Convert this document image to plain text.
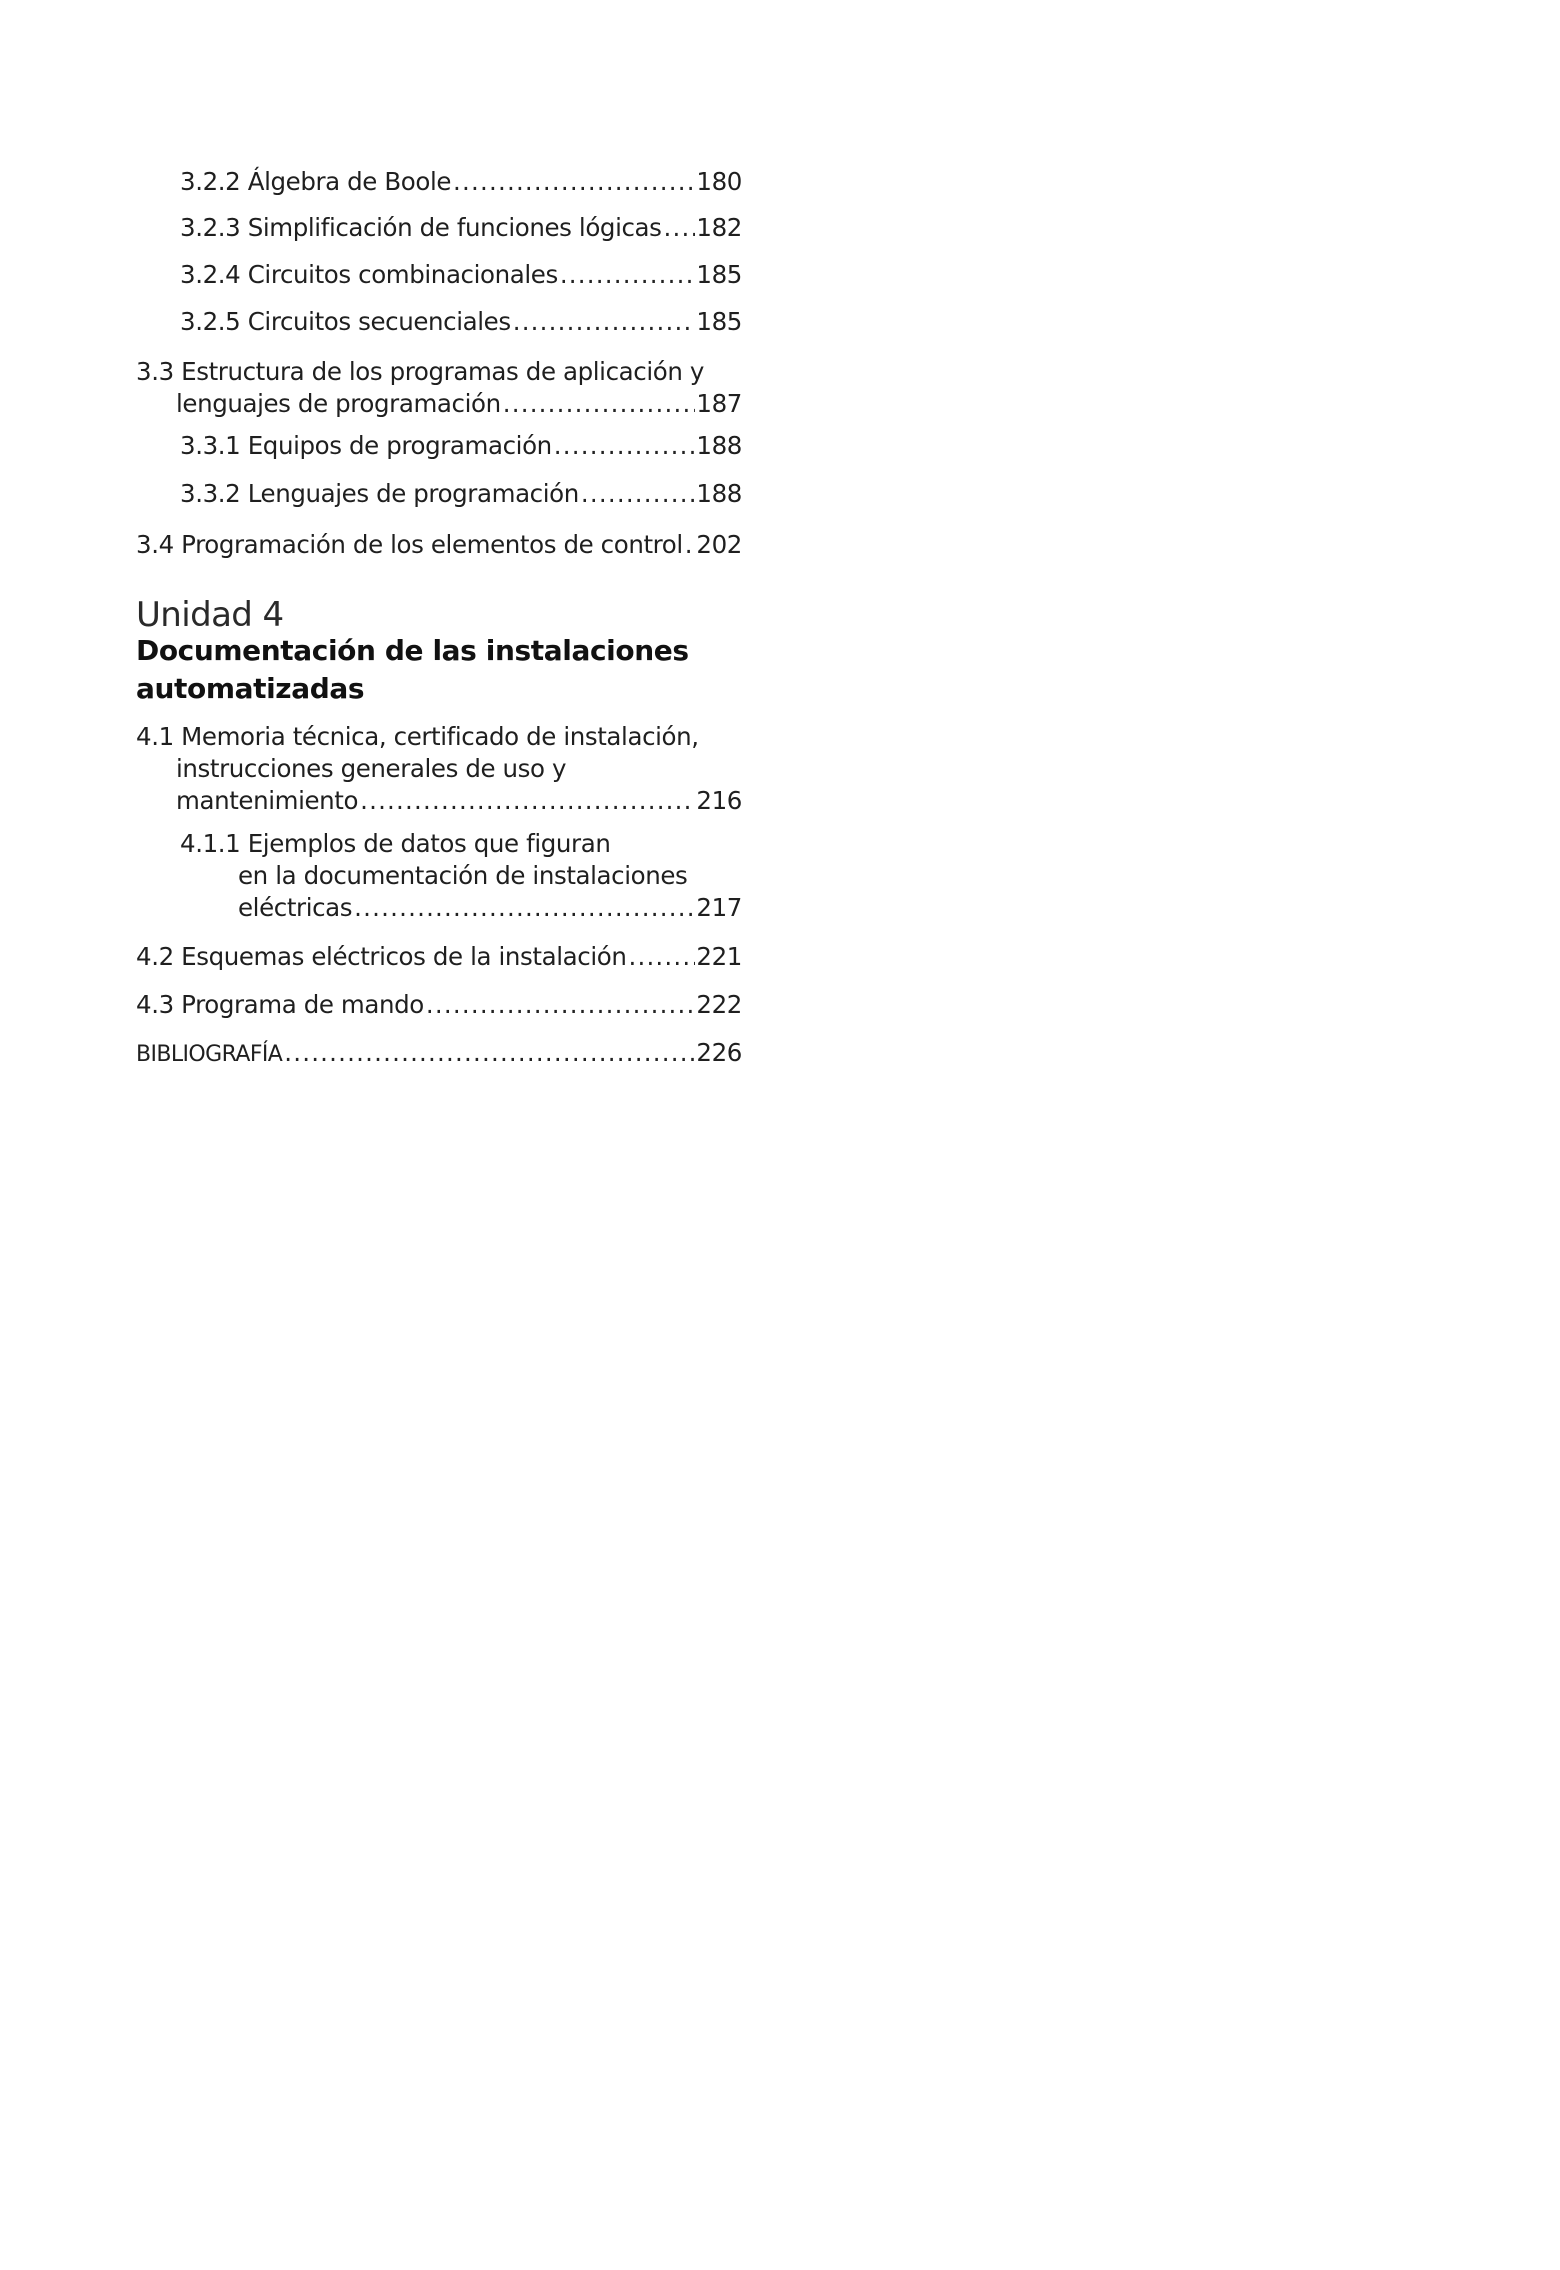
3.2.2 Álgebra de Boole .....	180
3.2.3 Simplificación de funciones lógicas ..... 182
3.2.4 Circuitos combinacionales .....	185
3.2.5 Circuitos secuenciales .....	185
3.3 Estructura de los programas de aplicación y
lenguajes de programación .....	187
3.3.1 Equipos de programación .....	188
3.3.2 Lenguajes de programación .....	188
3.4 Programación de los elementos de control ..... 202
Unidad 4
Documentación de las instalaciones
automatizadas
4.1 Memoria técnica, certificado de instalación,
instrucciones generales de uso y
mantenimiento .....	216
4.1.1 Ejemplos de datos que figuran
en la documentación de instalaciones
eléctricas .....	217
4.2 Esquemas eléctricos de la instalación .....	221
4.3 Programa de mando .....	222
BIBLIOGRAFÍA .....	226
